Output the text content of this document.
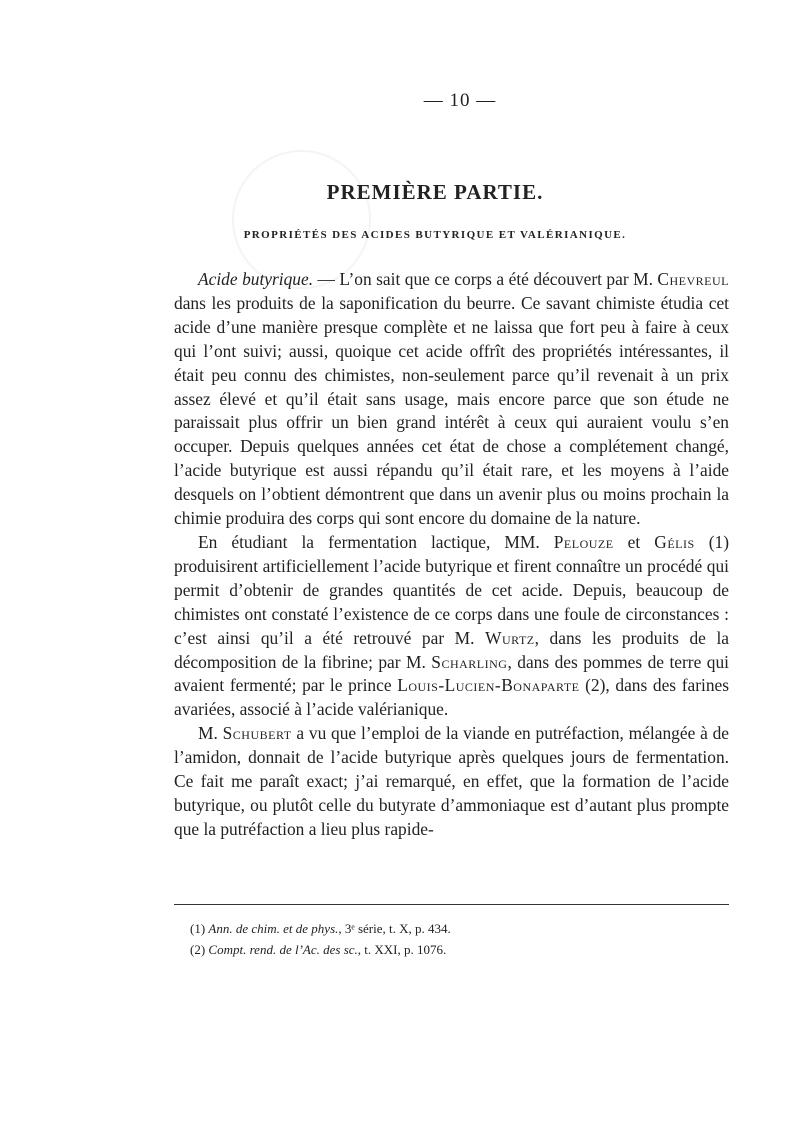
— 10 —
PREMIÈRE PARTIE.
PROPRIÉTÉS DES ACIDES BUTYRIQUE ET VALÉRIANIQUE.

Acide butyrique. — L’on sait que ce corps a été découvert par M. Chevreul dans les produits de la saponification du beurre. Ce savant chimiste étudia cet acide d’une manière presque complète et ne laissa que fort peu à faire à ceux qui l’ont suivi; aussi, quoique cet acide offrît des propriétés intéressantes, il était peu connu des chimistes, non-seulement parce qu’il revenait à un prix assez élevé et qu’il était sans usage, mais encore parce que son étude ne paraissait plus offrir un bien grand intérêt à ceux qui auraient voulu s’en occuper. Depuis quelques années cet état de chose a complétement changé, l’acide butyrique est aussi répandu qu’il était rare, et les moyens à l’aide desquels on l’obtient démontrent que dans un avenir plus ou moins prochain la chimie produira des corps qui sont encore du domaine de la nature.

En étudiant la fermentation lactique, MM. Pelouze et Gélis (1) produisirent artificiellement l’acide butyrique et firent connaître un procédé qui permit d’obtenir de grandes quantités de cet acide. Depuis, beaucoup de chimistes ont constaté l’existence de ce corps dans une foule de circonstances : c’est ainsi qu’il a été retrouvé par M. Wurtz, dans les produits de la décomposition de la fibrine; par M. Scharling, dans des pommes de terre qui avaient fermenté; par le prince Louis-Lucien-Bonaparte (2), dans des farines avariées, associé à l’acide valérianique.

M. Schubert a vu que l’emploi de la viande en putréfaction, mélangée à de l’amidon, donnait de l’acide butyrique après quelques jours de fermentation. Ce fait me paraît exact; j’ai remarqué, en effet, que la formation de l’acide butyrique, ou plutôt celle du butyrate d’ammoniaque est d’autant plus prompte que la putréfaction a lieu plus rapide-

(1) Ann. de chim. et de phys., 3ᵉ série, t. X, p. 434.
(2) Compt. rend. de l’Ac. des sc., t. XXI, p. 1076.
